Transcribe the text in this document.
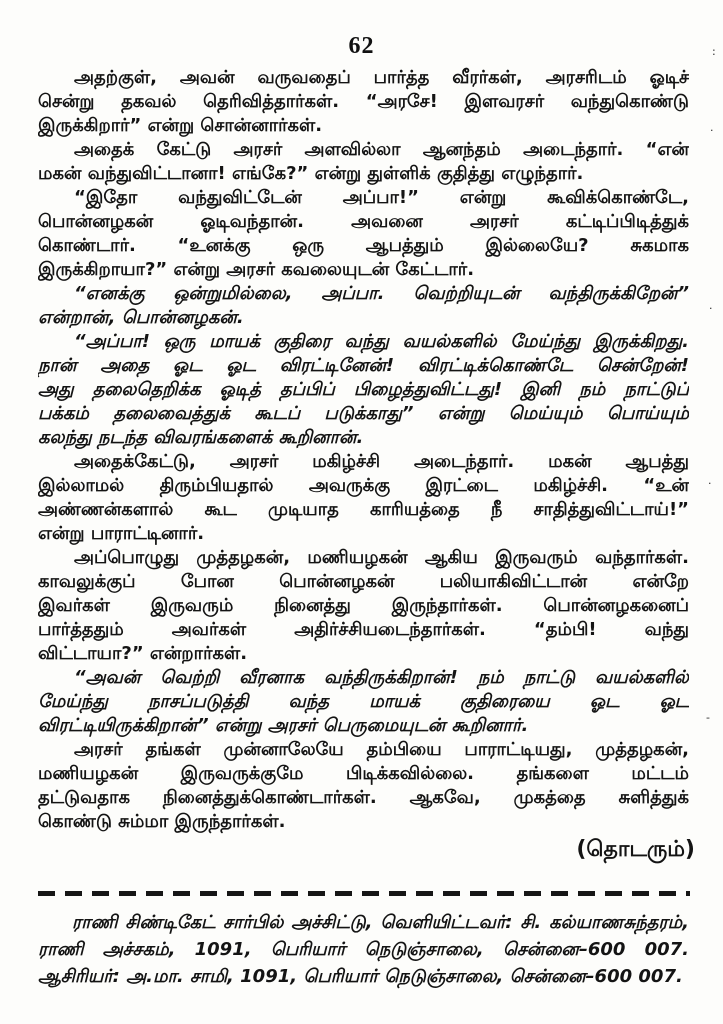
62
அதற்குள், அவன் வருவதைப் பார்த்த வீரர்கள், அரசரிடம் ஓடிச்
சென்று தகவல் தெரிவித்தார்கள். “அரசே! இளவரசர் வந்துகொண்டு
இருக்கிறார்” என்று சொன்னார்கள்.
அதைக் கேட்டு அரசர் அளவில்லா ஆனந்தம் அடைந்தார். “என்
மகன் வந்துவிட்டானா! எங்கே?” என்று துள்ளிக் குதித்து எழுந்தார்.
“இதோ வந்துவிட்டேன் அப்பா!” என்று கூவிக்கொண்டே,
பொன்னழகன் ஓடிவந்தான். அவனை அரசர் கட்டிப்பிடித்துக்
கொண்டார். “உனக்கு ஒரு ஆபத்தும் இல்லையே? சுகமாக
இருக்கிறாயா?” என்று அரசர் கவலையுடன் கேட்டார்.
“எனக்கு ஒன்றுமில்லை, அப்பா. வெற்றியுடன் வந்திருக்கிறேன்”
என்றான், பொன்னழகன்.
“அப்பா! ஒரு மாயக் குதிரை வந்து வயல்களில் மேய்ந்து இருக்கிறது.
நான் அதை ஓட ஓட விரட்டினேன்! விரட்டிக்கொண்டே சென்றேன்!
அது தலைதெறிக்க ஓடித் தப்பிப் பிழைத்துவிட்டது! இனி நம் நாட்டுப்
பக்கம் தலைவைத்துக் கூடப் படுக்காது” என்று மெய்யும் பொய்யும்
கலந்து நடந்த விவரங்களைக் கூறினான்.
அதைக்கேட்டு, அரசர் மகிழ்ச்சி அடைந்தார். மகன் ஆபத்து
இல்லாமல் திரும்பியதால் அவருக்கு இரட்டை மகிழ்ச்சி. “உன்
அண்ணன்களால் கூட முடியாத காரியத்தை நீ சாதித்துவிட்டாய்!”
என்று பாராட்டினார்.
அப்பொழுது முத்தழகன், மணியழகன் ஆகிய இருவரும் வந்தார்கள்.
காவலுக்குப் போன பொன்னழகன் பலியாகிவிட்டான் என்றே
இவர்கள் இருவரும் நினைத்து இருந்தார்கள். பொன்னழகனைப்
பார்த்ததும் அவர்கள் அதிர்ச்சியடைந்தார்கள். “தம்பி! வந்து
விட்டாயா?” என்றார்கள்.
“அவன் வெற்றி வீரனாக வந்திருக்கிறான்! நம் நாட்டு வயல்களில்
மேய்ந்து நாசப்படுத்தி வந்த மாயக் குதிரையை ஓட ஓட
விரட்டியிருக்கிறான்” என்று அரசர் பெருமையுடன் கூறினார்.
அரசர் தங்கள் முன்னாலேயே தம்பியை பாராட்டியது, முத்தழகன்,
மணியழகன் இருவருக்குமே பிடிக்கவில்லை. தங்களை மட்டம்
தட்டுவதாக நினைத்துக்கொண்டார்கள். ஆகவே, முகத்தை சுளித்துக்
கொண்டு சும்மா இருந்தார்கள்.
(தொடரும்)
ராணி சிண்டிகேட் சார்பில் அச்சிட்டு, வெளியிட்டவர்: சி. கல்யாணசுந்தரம்,
ராணி அச்சகம், 1091, பெரியார் நெடுஞ்சாலை, சென்னை–600 007.
ஆசிரியர்: அ.மா. சாமி, 1091, பெரியார் நெடுஞ்சாலை, சென்னை–600 007.
:
.
.
·
-
